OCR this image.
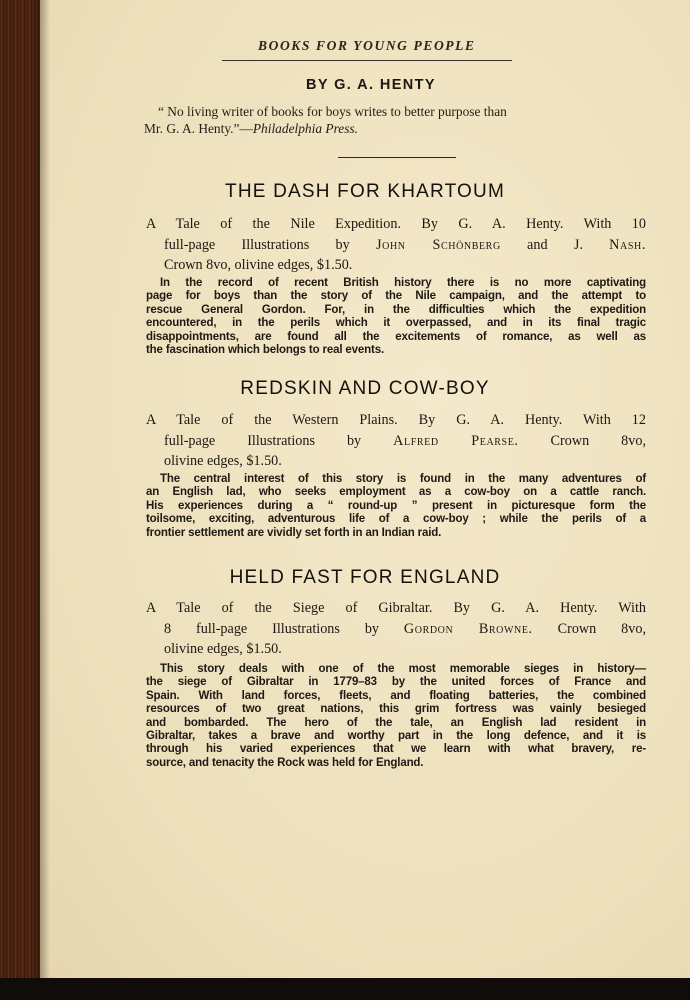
BOOKS FOR YOUNG PEOPLE
BY G. A. HENTY
“ No living writer of books for boys writes to better purpose than
Mr. G. A. Henty.”—Philadelphia Press.
THE DASH FOR KHARTOUM
A Tale of the Nile Expedition. By G. A. Henty. With 10
full-page Illustrations by John Schönberg and J. Nash.
Crown 8vo, olivine edges, $1.50.
In the record of recent British history there is no more captivating
page for boys than the story of the Nile campaign, and the attempt to
rescue General Gordon. For, in the difficulties which the expedition
encountered, in the perils which it overpassed, and in its final tragic
disappointments, are found all the excitements of romance, as well as
the fascination which belongs to real events.
REDSKIN AND COW-BOY
A Tale of the Western Plains. By G. A. Henty. With 12
full-page Illustrations by Alfred Pearse. Crown 8vo,
olivine edges, $1.50.
The central interest of this story is found in the many adventures of
an English lad, who seeks employment as a cow-boy on a cattle ranch.
His experiences during a “ round-up ” present in picturesque form the
toilsome, exciting, adventurous life of a cow-boy ; while the perils of a
frontier settlement are vividly set forth in an Indian raid.
HELD FAST FOR ENGLAND
A Tale of the Siege of Gibraltar. By G. A. Henty. With
8 full-page Illustrations by Gordon Browne. Crown 8vo,
olivine edges, $1.50.
This story deals with one of the most memorable sieges in history—
the siege of Gibraltar in 1779–83 by the united forces of France and
Spain. With land forces, fleets, and floating batteries, the combined
resources of two great nations, this grim fortress was vainly besieged
and bombarded. The hero of the tale, an English lad resident in
Gibraltar, takes a brave and worthy part in the long defence, and it is
through his varied experiences that we learn with what bravery, re-
source, and tenacity the Rock was held for England.
